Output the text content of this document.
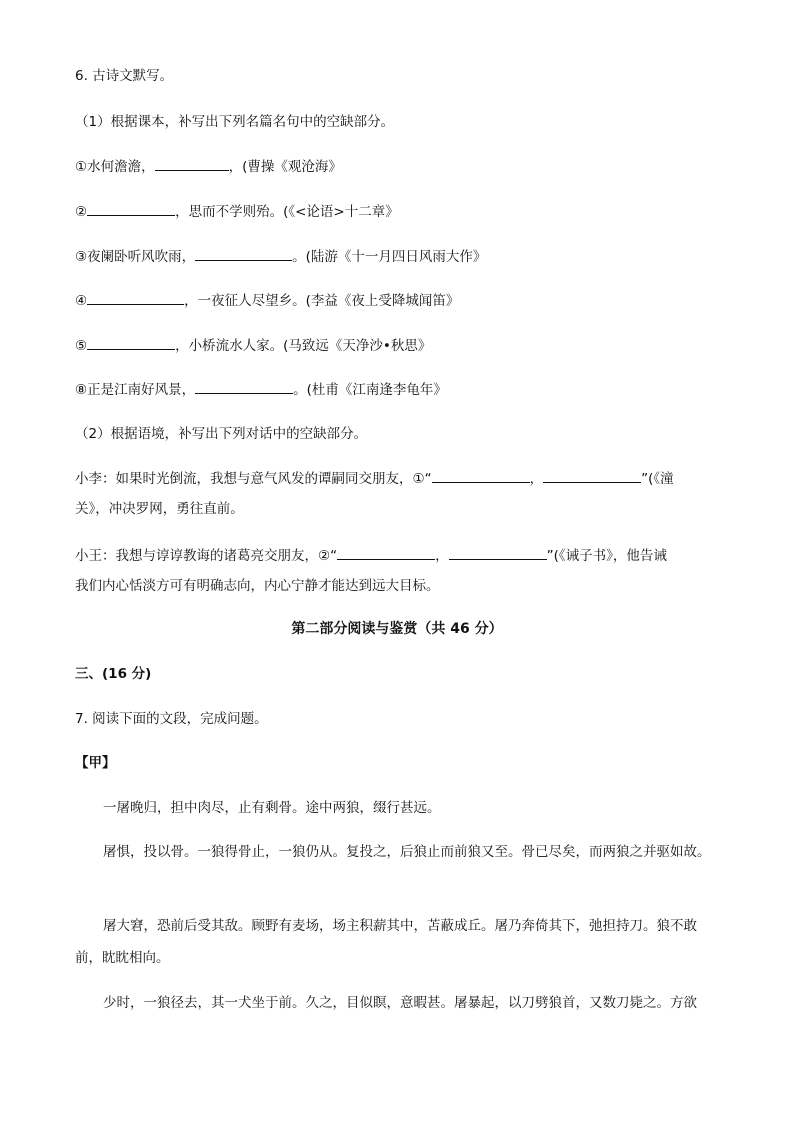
6. 古诗文默写。
（1）根据课本，补写出下列名篇名句中的空缺部分。
①水何澹澹，	，(曹操《观沧海》
②	，思而不学则殆。(《<论语>十二章》
③夜阑卧听风吹雨，	。(陆游《十一月四日风雨大作》
④	，一夜征人尽望乡。(李益《夜上受降城闻笛》
⑤	，小桥流水人家。(马致远《天净沙•秋思》
⑧正是江南好风景，	。(杜甫《江南逢李龟年》
（2）根据语境，补写出下列对话中的空缺部分。
小李：如果时光倒流，我想与意气风发的谭嗣同交朋友，①“	，	”(《潼
关》，冲决罗网，勇往直前。
小王：我想与谆谆教诲的诸葛亮交朋友，②“	，	”(《诫子书》，他告诫
我们内心恬淡方可有明确志向，内心宁静才能达到远大目标。
第二部分阅读与鉴赏（共 46 分）
三、(16 分)
7. 阅读下面的文段，完成问题。
【甲】
一屠晚归，担中肉尽，止有剩骨。途中两狼，缀行甚远。
屠惧，投以骨。一狼得骨止，一狼仍从。复投之，后狼止而前狼又至。骨已尽矣，而两狼之并驱如故。
屠大窘，恐前后受其敌。顾野有麦场，场主积薪其中，苫蔽成丘。屠乃奔倚其下，弛担持刀。狼不敢前，眈眈相向。
少时，一狼径去，其一犬坐于前。久之，目似瞑，意暇甚。屠暴起，以刀劈狼首，又数刀毙之。方欲
